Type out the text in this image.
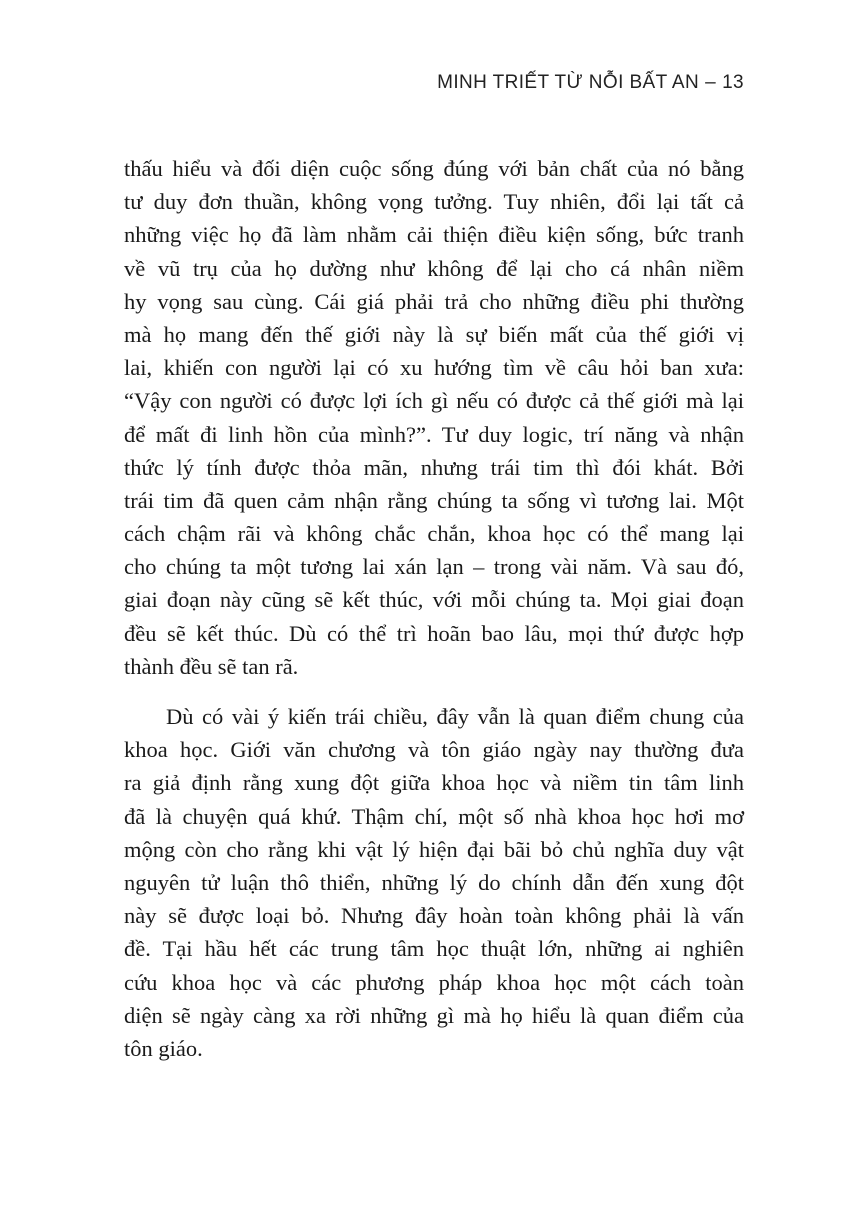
MINH TRIẾT TỪ NỖI BẤT AN – 13
thấu hiểu và đối diện cuộc sống đúng với bản chất của nó bằng
tư duy đơn thuần, không vọng tưởng. Tuy nhiên, đổi lại tất cả
những việc họ đã làm nhằm cải thiện điều kiện sống, bức tranh
về vũ trụ của họ dường như không để lại cho cá nhân niềm
hy vọng sau cùng. Cái giá phải trả cho những điều phi thường
mà họ mang đến thế giới này là sự biến mất của thế giới vị
lai, khiến con người lại có xu hướng tìm về câu hỏi ban xưa:
“Vậy con người có được lợi ích gì nếu có được cả thế giới mà lại
để mất đi linh hồn của mình?”. Tư duy logic, trí năng và nhận
thức lý tính được thỏa mãn, nhưng trái tim thì đói khát. Bởi
trái tim đã quen cảm nhận rằng chúng ta sống vì tương lai. Một
cách chậm rãi và không chắc chắn, khoa học có thể mang lại
cho chúng ta một tương lai xán lạn – trong vài năm. Và sau đó,
giai đoạn này cũng sẽ kết thúc, với mỗi chúng ta. Mọi giai đoạn
đều sẽ kết thúc. Dù có thể trì hoãn bao lâu, mọi thứ được hợp
thành đều sẽ tan rã.
Dù có vài ý kiến trái chiều, đây vẫn là quan điểm chung của
khoa học. Giới văn chương và tôn giáo ngày nay thường đưa
ra giả định rằng xung đột giữa khoa học và niềm tin tâm linh
đã là chuyện quá khứ. Thậm chí, một số nhà khoa học hơi mơ
mộng còn cho rằng khi vật lý hiện đại bãi bỏ chủ nghĩa duy vật
nguyên tử luận thô thiển, những lý do chính dẫn đến xung đột
này sẽ được loại bỏ. Nhưng đây hoàn toàn không phải là vấn
đề. Tại hầu hết các trung tâm học thuật lớn, những ai nghiên
cứu khoa học và các phương pháp khoa học một cách toàn
diện sẽ ngày càng xa rời những gì mà họ hiểu là quan điểm của
tôn giáo.
